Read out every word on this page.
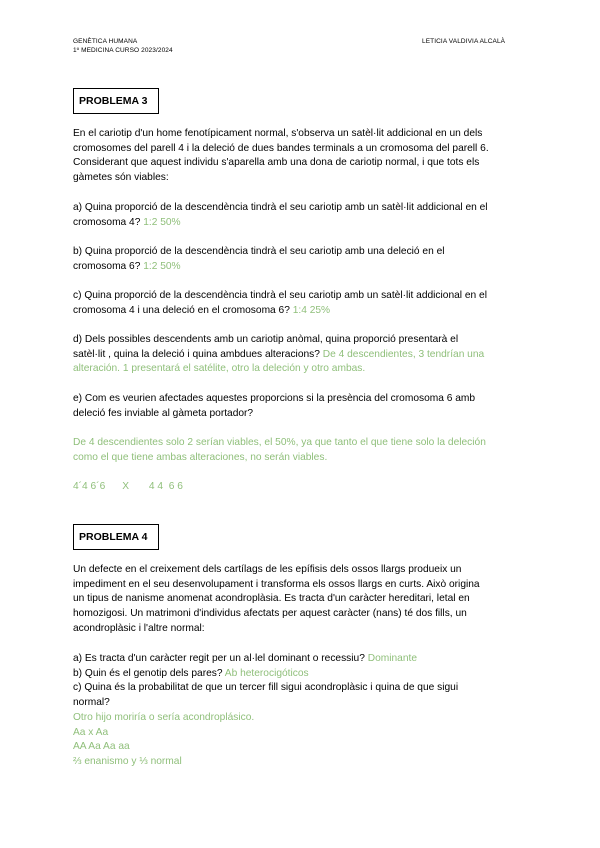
GENÈTICA HUMANA
1º MEDICINA CURSO 2023/2024
LETICIA VALDIVIA ALCALÀ
PROBLEMA 3
En el cariotip d'un home fenotípicament normal, s'observa un satèl·lit addicional en un dels
cromosomes del parell 4 i la deleció de dues bandes terminals a un cromosoma del parell 6.
Considerant que aquest individu s'aparella amb una dona de cariotip normal, i que tots els
gàmetes són viables:
a) Quina proporció de la descendència tindrà el seu cariotip amb un satèl·lit addicional en el
cromosoma 4? 1:2 50%
b) Quina proporció de la descendència tindrà el seu cariotip amb una deleció en el
cromosoma 6? 1:2 50%
c) Quina proporció de la descendència tindrà el seu cariotip amb un satèl·lit addicional en el
cromosoma 4 i una deleció en el cromosoma 6? 1:4 25%
d) Dels possibles descendents amb un cariotip anòmal, quina proporció presentarà el
satèl·lit , quina la deleció i quina ambdues alteracions? De 4 descendientes, 3 tendrían una
alteración. 1 presentará el satélite, otro la deleción y otro ambas.
e) Com es veurien afectades aquestes proporcions si la presència del cromosoma 6 amb
deleció fes inviable al gàmeta portador?
De 4 descendientes solo 2 serían viables, el 50%, ya que tanto el que tiene solo la deleción
como el que tiene ambas alteraciones, no serán viables.
4´4 6´6      X       4 4  6 6
PROBLEMA 4
Un defecte en el creixement dels cartílags de les epífisis dels ossos llargs produeix un
impediment en el seu desenvolupament i transforma els ossos llargs en curts. Això origina
un tipus de nanisme anomenat acondroplàsia. Es tracta d'un caràcter hereditari, letal en
homozigosi. Un matrimoni d'individus afectats per aquest caràcter (nans) té dos fills, un
acondroplàsic i l'altre normal:
a) Es tracta d'un caràcter regit per un al·lel dominant o recessiu? Dominante
b) Quin és el genotip dels pares? Ab heterocigóticos
c) Quina és la probabilitat de que un tercer fill sigui acondroplàsic i quina de que sigui
normal?
Otro hijo moriría o sería acondroplásico.
Aa x Aa
AA Aa Aa aa
⅔ enanismo y ⅓ normal
